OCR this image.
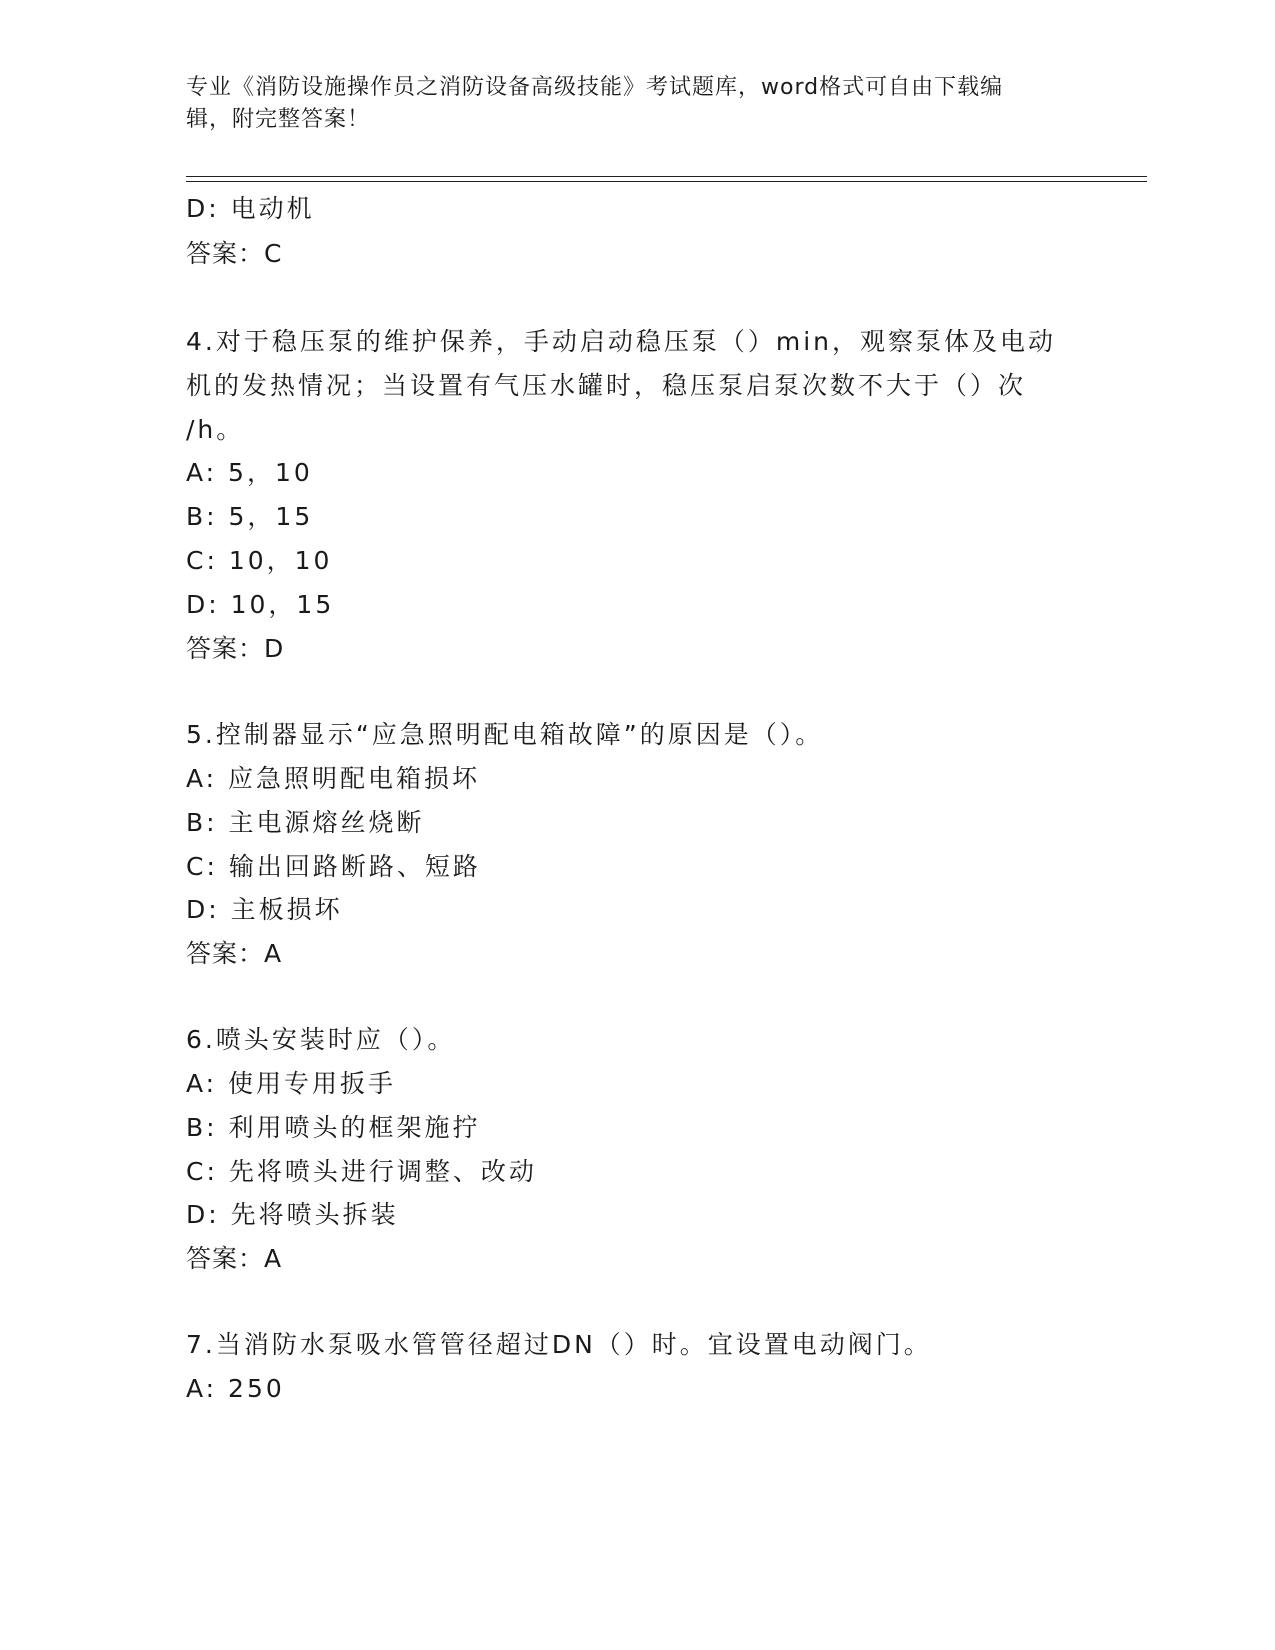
专业《消防设施操作员之消防设备高级技能》考试题库，word格式可自由下载编
辑，附完整答案！
D: 电动机
答案：C
4.对于稳压泵的维护保养，手动启动稳压泵（）min，观察泵体及电动
机的发热情况；当设置有气压水罐时，稳压泵启泵次数不大于（）次
/h。
A: 5，10
B: 5，15
C: 10，10
D: 10，15
答案：D
5.控制器显示“应急照明配电箱故障”的原因是（）。
A: 应急照明配电箱损坏
B: 主电源熔丝烧断
C: 输出回路断路、短路
D: 主板损坏
答案：A
6.喷头安装时应（）。
A: 使用专用扳手
B: 利用喷头的框架施拧
C: 先将喷头进行调整、改动
D: 先将喷头拆装
答案：A
7.当消防水泵吸水管管径超过DN（）时。宜设置电动阀门。
A: 250
